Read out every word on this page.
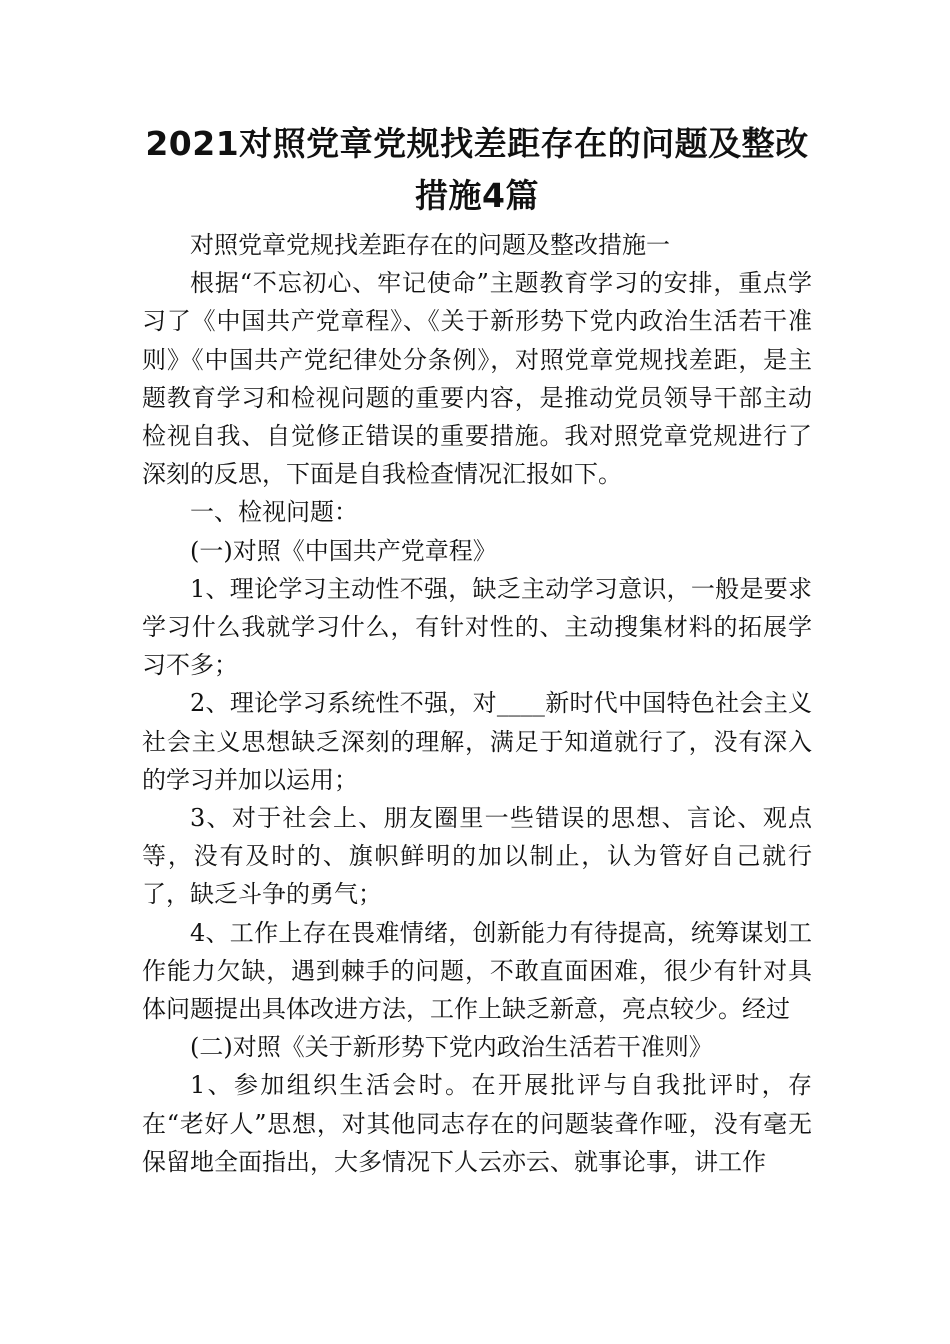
2021对照党章党规找差距存在的问题及整改措施4篇

对照党章党规找差距存在的问题及整改措施一

根据“不忘初心、牢记使命”主题教育学习的安排，重点学习了《中国共产党章程》、《关于新形势下党内政治生活若干准则》《中国共产党纪律处分条例》，对照党章党规找差距，是主题教育学习和检视问题的重要内容，是推动党员领导干部主动检视自我、自觉修正错误的重要措施。我对照党章党规进行了深刻的反思，下面是自我检查情况汇报如下。

一、检视问题：

(一)对照《中国共产党章程》

1、理论学习主动性不强，缺乏主动学习意识，一般是要求学习什么我就学习什么，有针对性的、主动搜集材料的拓展学习不多；

2、理论学习系统性不强，对____新时代中国特色社会主义社会主义思想缺乏深刻的理解，满足于知道就行了，没有深入的学习并加以运用；

3、对于社会上、朋友圈里一些错误的思想、言论、观点等，没有及时的、旗帜鲜明的加以制止，认为管好自己就行了，缺乏斗争的勇气；

4、工作上存在畏难情绪，创新能力有待提高，统筹谋划工作能力欠缺，遇到棘手的问题，不敢直面困难，很少有针对具体问题提出具体改进方法，工作上缺乏新意，亮点较少。经过

(二)对照《关于新形势下党内政治生活若干准则》

1、参加组织生活会时。在开展批评与自我批评时，存在“老好人”思想，对其他同志存在的问题装聋作哑，没有毫无保留地全面指出，大多情况下人云亦云、就事论事，讲工作
